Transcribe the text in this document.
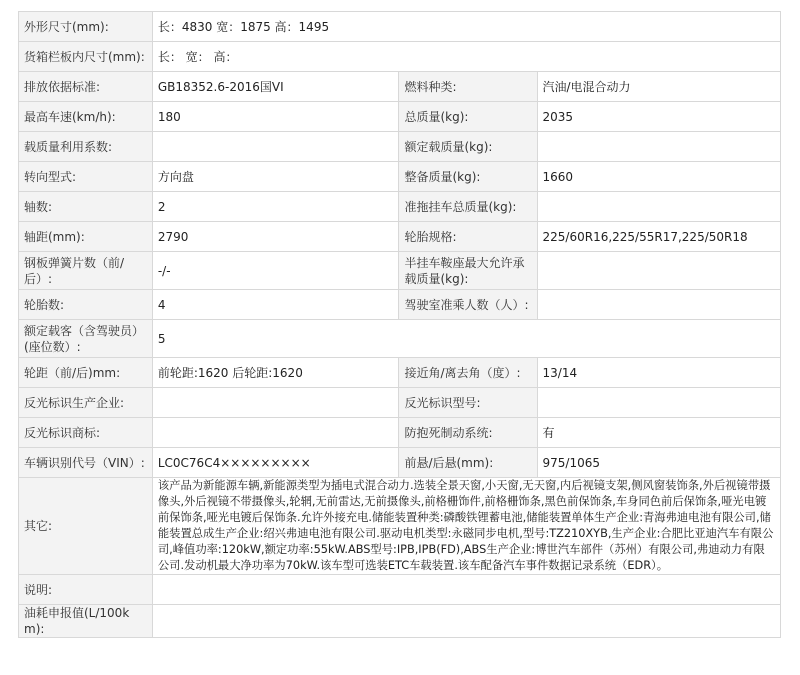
外形尺寸(mm):	长：4830 宽：1875 高：1495		
货箱栏板内尺寸(mm):	长： 宽： 高：		
排放依据标准:	GB18352.6-2016国VI	燃料种类:	汽油/电混合动力
最高车速(km/h):	180	总质量(kg):	2035
载质量利用系数:		额定载质量(kg):	
转向型式:	方向盘	整备质量(kg):	1660
轴数:	2	准拖挂车总质量(kg):	
轴距(mm):	2790	轮胎规格:	225/60R16,225/55R17,225/50R18
钢板弹簧片数（前/后）:	-/-	半挂车鞍座最大允许承载质量(kg):	
轮胎数:	4	驾驶室准乘人数（人）:	
额定载客（含驾驶员）(座位数）:	5		
轮距（前/后)mm:	前轮距:1620 后轮距:1620	接近角/离去角（度）:	13/14
反光标识生产企业:		反光标识型号:	
反光标识商标:		防抱死制动系统:	有
车辆识别代号（VIN）:	LC0C76C4×××××××××	前悬/后悬(mm):	975/1065
其它:	该产品为新能源车辆,新能源类型为插电式混合动力.选装全景天窗,小天窗,无天窗,内后视镜支架,侧风窗装饰条,外后视镜带摄像头,外后视镜不带摄像头,轮辋,无前雷达,无前摄像头,前格栅饰件,前格栅饰条,黑色前保饰条,车身同色前后保饰条,哑光电镀前保饰条,哑光电镀后保饰条.允许外接充电.储能装置种类:磷酸铁锂蓄电池,储能装置单体生产企业:青海弗迪电池有限公司,储能装置总成生产企业:绍兴弗迪电池有限公司.驱动电机类型:永磁同步电机,型号:TZ210XYB,生产企业:合肥比亚迪汽车有限公司,峰值功率:120kW,额定功率:55kW.ABS型号:IPB,IPB(FD),ABS生产企业:博世汽车部件（苏州）有限公司,弗迪动力有限公司.发动机最大净功率为70kW.该车型可选装ETC车载装置.该车配备汽车事件数据记录系统（EDR）。		
说明:			
油耗申报值(L/100km):			
